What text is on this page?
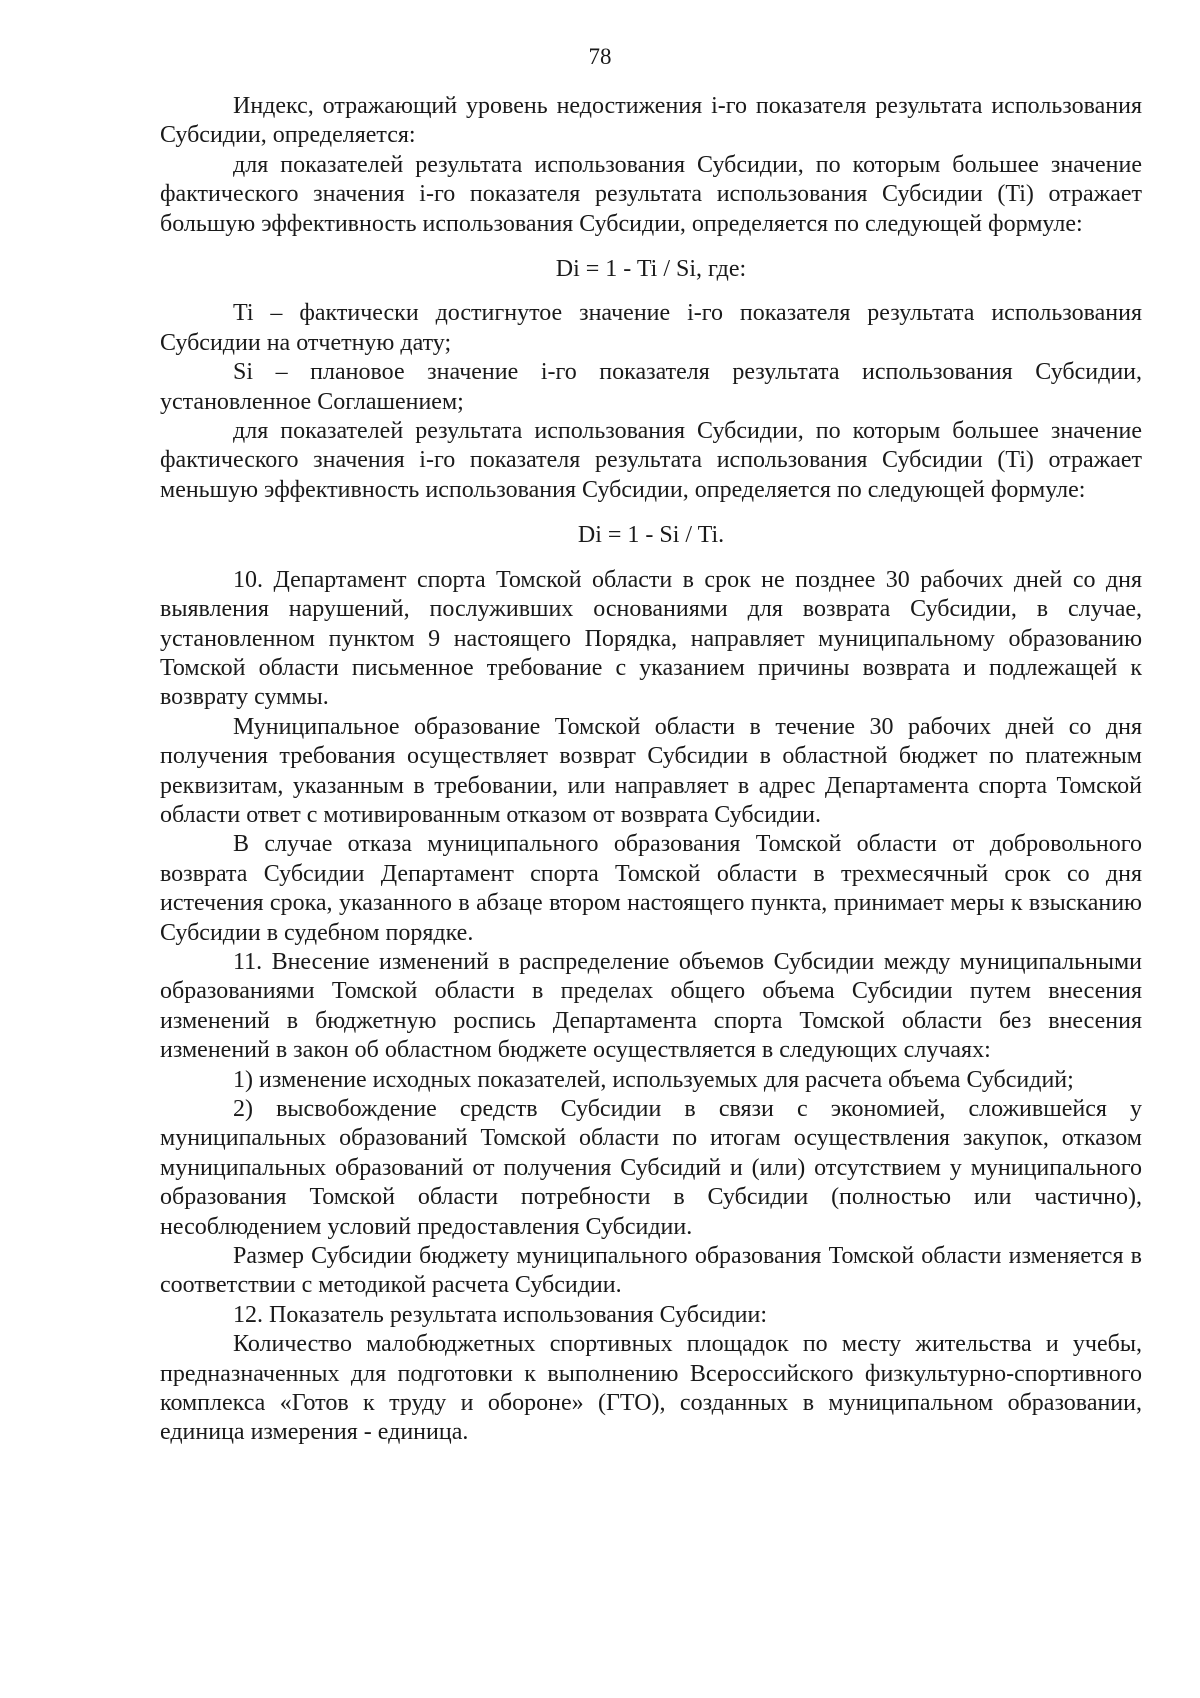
78

Индекс, отражающий уровень недостижения i-го показателя результата использования Субсидии, определяется:

для показателей результата использования Субсидии, по которым большее значение фактического значения i-го показателя результата использования Субсидии (Ti) отражает большую эффективность использования Субсидии, определяется по следующей формуле:

Di = 1 - Ti / Si, где:

Ti – фактически достигнутое значение i-го показателя результата использования Субсидии на отчетную дату;

Si – плановое значение i-го показателя результата использования Субсидии, установленное Соглашением;

для показателей результата использования Субсидии, по которым большее значение фактического значения i-го показателя результата использования Субсидии (Ti) отражает меньшую эффективность использования Субсидии, определяется по следующей формуле:

Di = 1 - Si / Ti.

10. Департамент спорта Томской области в срок не позднее 30 рабочих дней со дня выявления нарушений, послуживших основаниями для возврата Субсидии, в случае, установленном пунктом 9 настоящего Порядка, направляет муниципальному образованию Томской области письменное требование с указанием причины возврата и подлежащей к возврату суммы.

Муниципальное образование Томской области в течение 30 рабочих дней со дня получения требования осуществляет возврат Субсидии в областной бюджет по платежным реквизитам, указанным в требовании, или направляет в адрес Департамента спорта Томской области ответ с мотивированным отказом от возврата Субсидии.

В случае отказа муниципального образования Томской области от добровольного возврата Субсидии Департамент спорта Томской области в трехмесячный срок со дня истечения срока, указанного в абзаце втором настоящего пункта, принимает меры к взысканию Субсидии в судебном порядке.

11. Внесение изменений в распределение объемов Субсидии между муниципальными образованиями Томской области в пределах общего объема Субсидии путем внесения изменений в бюджетную роспись Департамента спорта Томской области без внесения изменений в закон об областном бюджете осуществляется в следующих случаях:

1) изменение исходных показателей, используемых для расчета объема Субсидий;

2) высвобождение средств Субсидии в связи с экономией, сложившейся у муниципальных образований Томской области по итогам осуществления закупок, отказом муниципальных образований от получения Субсидий и (или) отсутствием у муниципального образования Томской области потребности в Субсидии (полностью или частично), несоблюдением условий предоставления Субсидии.

Размер Субсидии бюджету муниципального образования Томской области изменяется в соответствии с методикой расчета Субсидии.

12. Показатель результата использования Субсидии:

Количество малобюджетных спортивных площадок по месту жительства и учебы, предназначенных для подготовки к выполнению Всероссийского физкультурно-спортивного комплекса «Готов к труду и обороне» (ГТО), созданных в муниципальном образовании, единица измерения - единица.
